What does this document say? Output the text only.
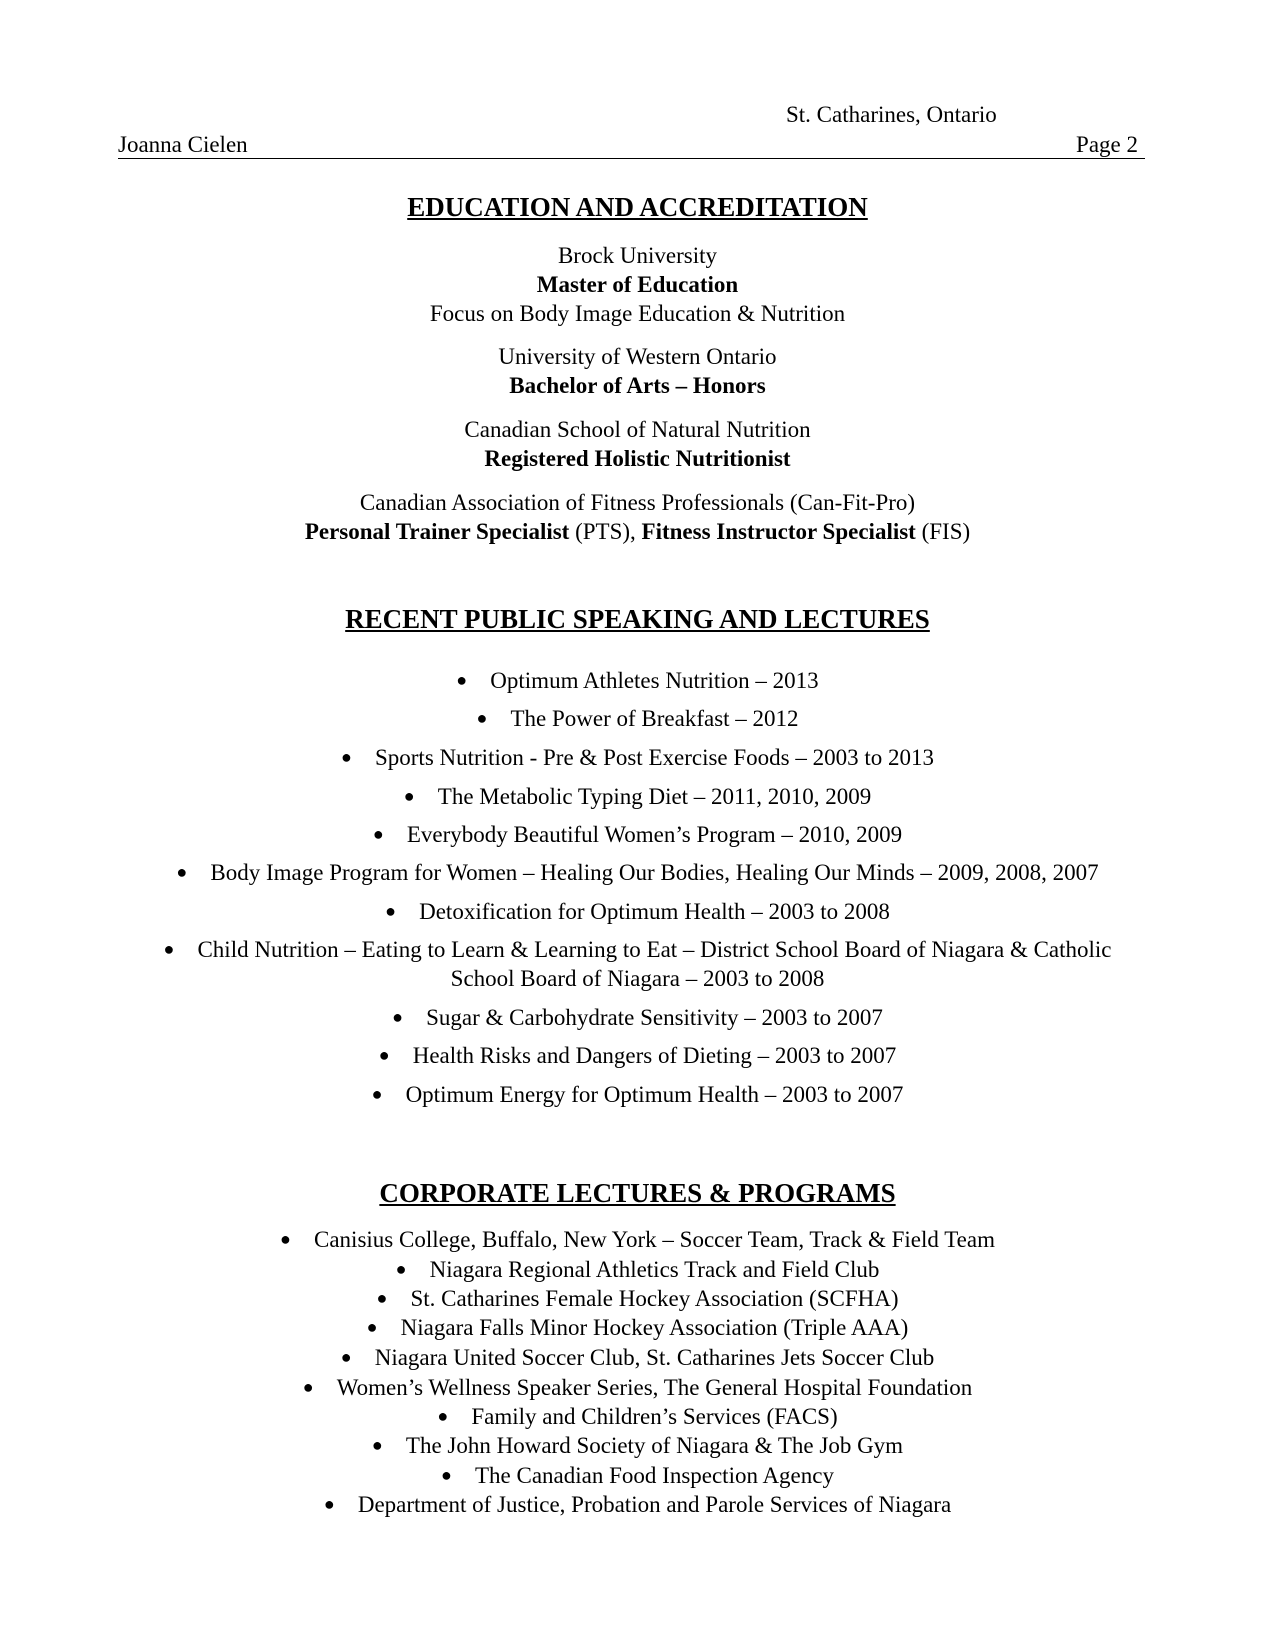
St. Catharines, Ontario
Joanna Cielen	Page 2
EDUCATION AND ACCREDITATION
Brock University
Master of Education
Focus on Body Image Education & Nutrition
University of Western Ontario
Bachelor of Arts – Honors
Canadian School of Natural Nutrition
Registered Holistic Nutritionist
Canadian Association of Fitness Professionals (Can-Fit-Pro)
Personal Trainer Specialist (PTS), Fitness Instructor Specialist (FIS)
RECENT PUBLIC SPEAKING AND LECTURES
● Optimum Athletes Nutrition – 2013
● The Power of Breakfast – 2012
● Sports Nutrition - Pre & Post Exercise Foods – 2003 to 2013
● The Metabolic Typing Diet – 2011, 2010, 2009
● Everybody Beautiful Women’s Program – 2010, 2009
● Body Image Program for Women – Healing Our Bodies, Healing Our Minds – 2009, 2008, 2007
● Detoxification for Optimum Health – 2003 to 2008
● Child Nutrition – Eating to Learn & Learning to Eat – District School Board of Niagara & Catholic
School Board of Niagara – 2003 to 2008
● Sugar & Carbohydrate Sensitivity – 2003 to 2007
● Health Risks and Dangers of Dieting – 2003 to 2007
● Optimum Energy for Optimum Health – 2003 to 2007
CORPORATE LECTURES & PROGRAMS
● Canisius College, Buffalo, New York – Soccer Team, Track & Field Team
● Niagara Regional Athletics Track and Field Club
● St. Catharines Female Hockey Association (SCFHA)
● Niagara Falls Minor Hockey Association (Triple AAA)
● Niagara United Soccer Club, St. Catharines Jets Soccer Club
● Women’s Wellness Speaker Series, The General Hospital Foundation
● Family and Children’s Services (FACS)
● The John Howard Society of Niagara & The Job Gym
● The Canadian Food Inspection Agency
● Department of Justice, Probation and Parole Services of Niagara
